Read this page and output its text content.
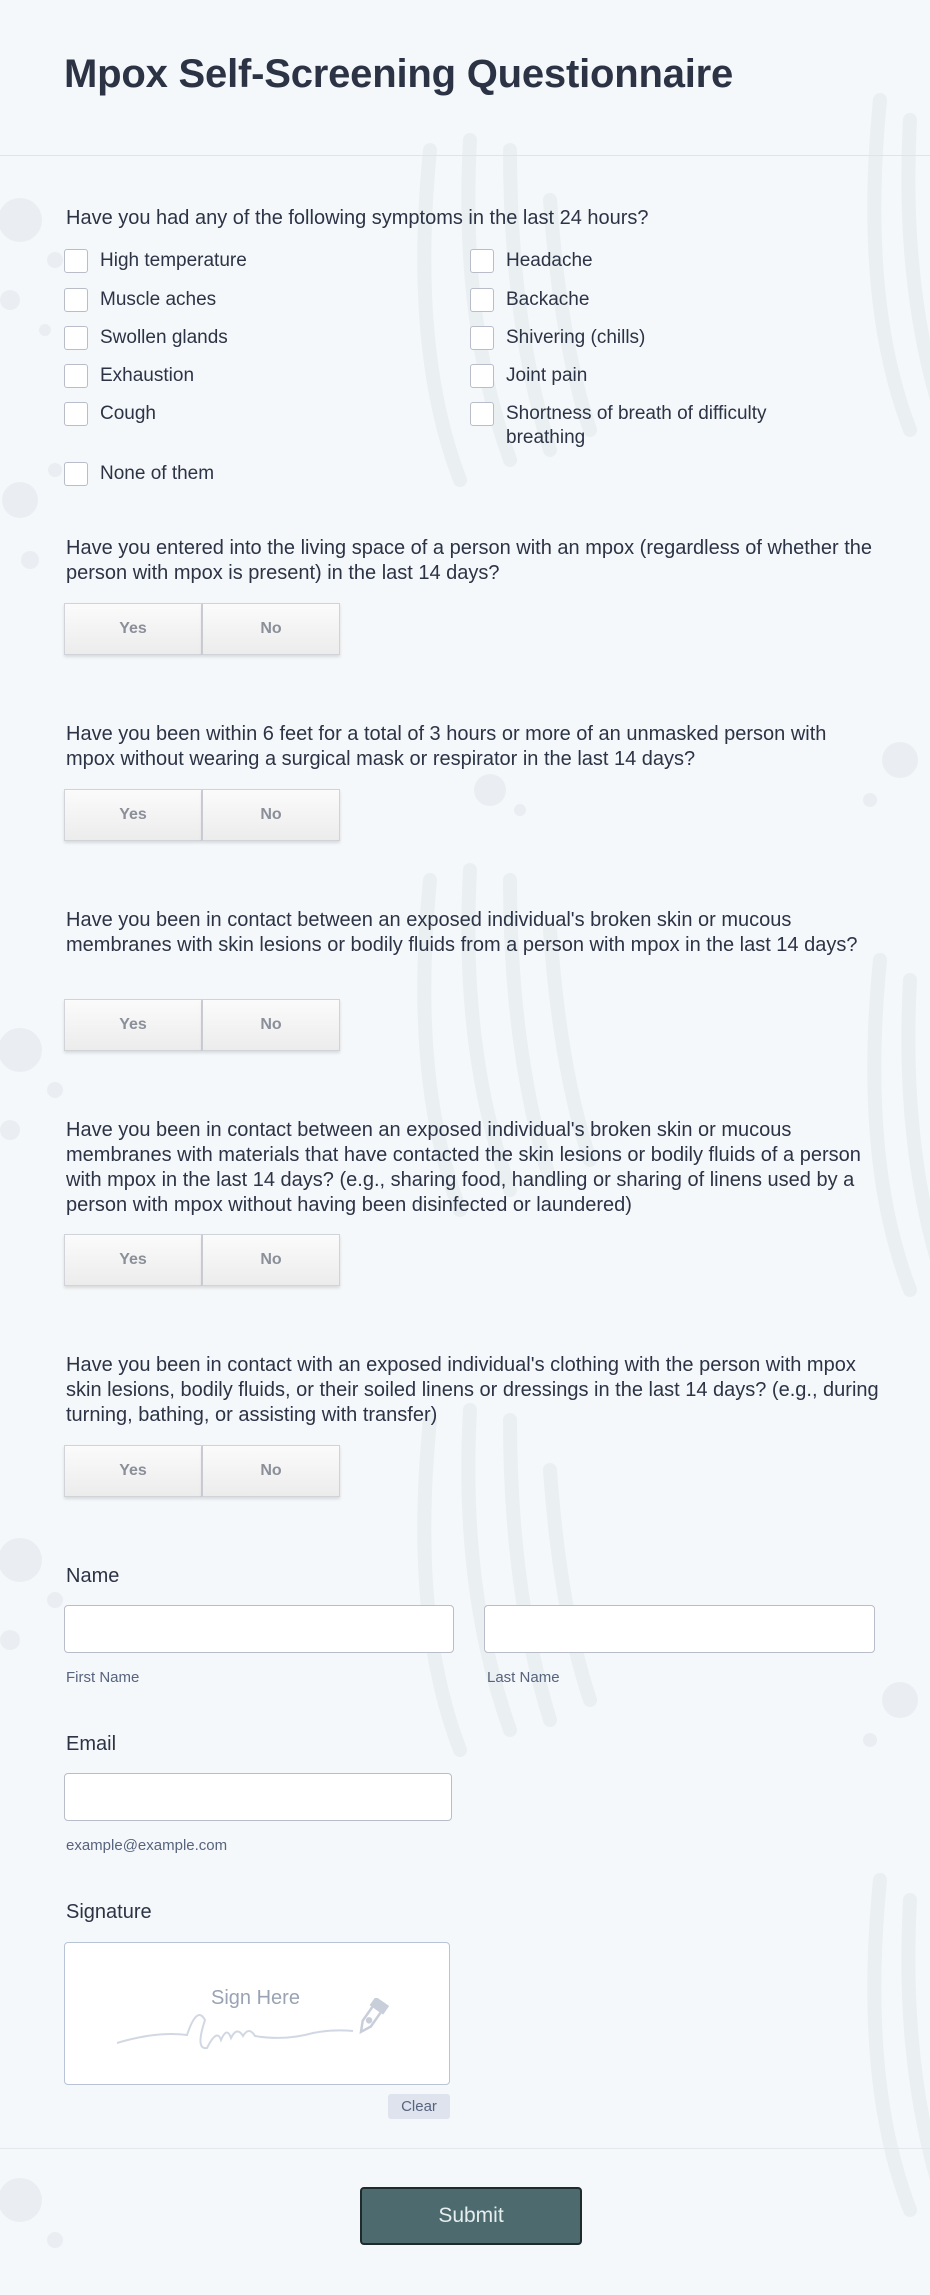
Mpox Self-Screening Questionnaire
Have you had any of the following symptoms in the last 24 hours?
High temperature	Headache
Muscle aches	Backache
Swollen glands	Shivering (chills)
Exhaustion	Joint pain
Cough	Shortness of breath of difficulty breathing
None of them
Have you entered into the living space of a person with an mpox (regardless of whether the person with mpox is present) in the last 14 days?
Yes	No
Have you been within 6 feet for a total of 3 hours or more of an unmasked person with mpox without wearing a surgical mask or respirator in the last 14 days?
Yes	No
Have you been in contact between an exposed individual's broken skin or mucous membranes with skin lesions or bodily fluids from a person with mpox in the last 14 days?
Yes	No
Have you been in contact between an exposed individual's broken skin or mucous membranes with materials that have contacted the skin lesions or bodily fluids of a person with mpox in the last 14 days? (e.g., sharing food, handling or sharing of linens used by a person with mpox without having been disinfected or laundered)
Yes	No
Have you been in contact with an exposed individual's clothing with the person with mpox skin lesions, bodily fluids, or their soiled linens or dressings in the last 14 days? (e.g., during turning, bathing, or assisting with transfer)
Yes	No
Name
First Name	Last Name
Email
example@example.com
Signature
Sign Here
Clear
Submit
